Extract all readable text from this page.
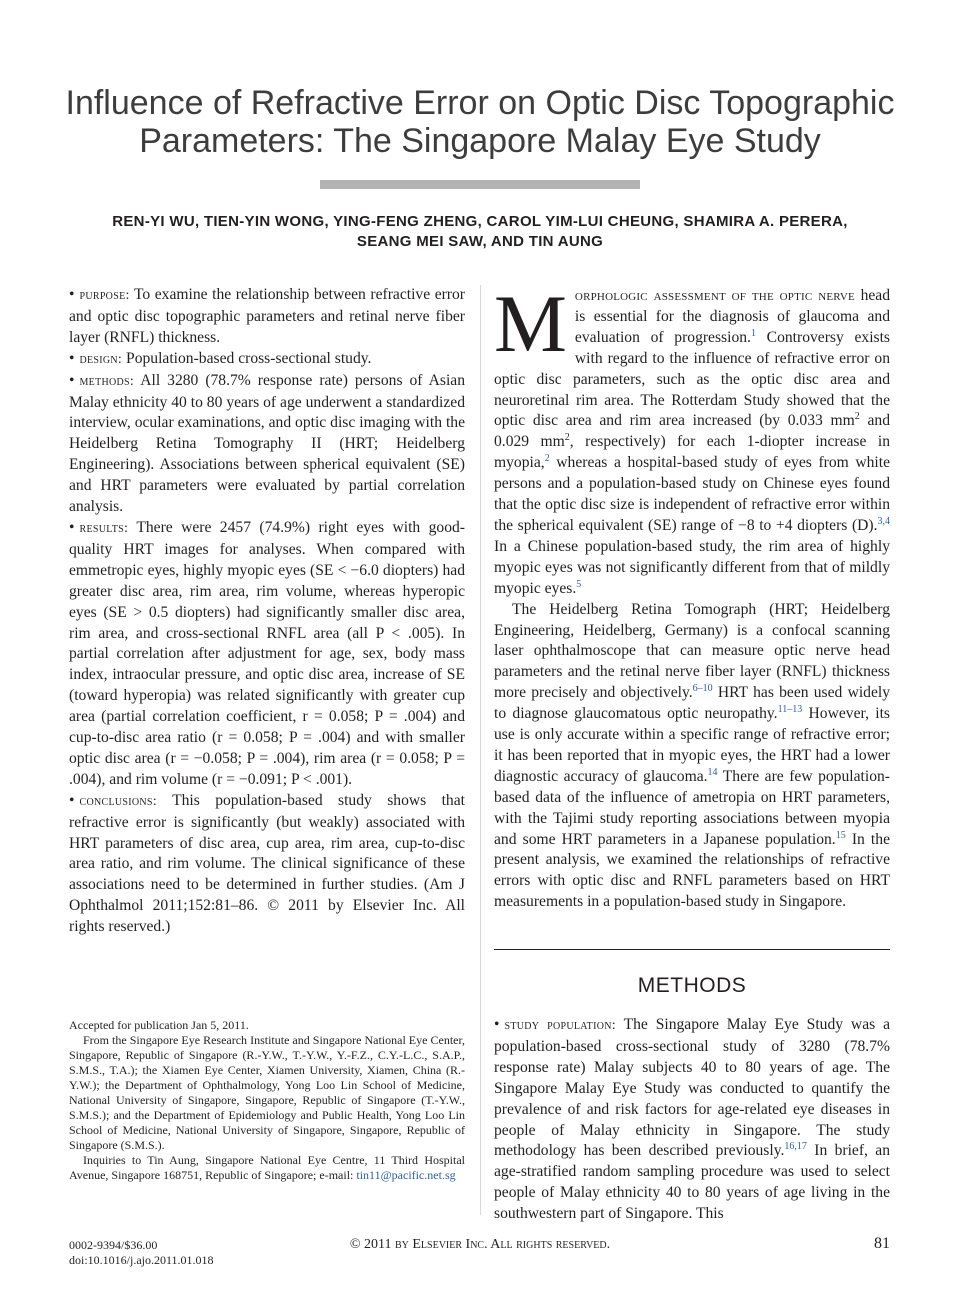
Influence of Refractive Error on Optic Disc Topographic Parameters: The Singapore Malay Eye Study
REN-YI WU, TIEN-YIN WONG, YING-FENG ZHENG, CAROL YIM-LUI CHEUNG, SHAMIRA A. PERERA,
SEANG MEI SAW, AND TIN AUNG

• purpose: To examine the relationship between refractive error and optic disc topographic parameters and retinal nerve fiber layer (RNFL) thickness.

• design: Population-based cross-sectional study.

• methods: All 3280 (78.7% response rate) persons of Asian Malay ethnicity 40 to 80 years of age underwent a standardized interview, ocular examinations, and optic disc imaging with the Heidelberg Retina Tomography II (HRT; Heidelberg Engineering). Associations between spherical equivalent (SE) and HRT parameters were evaluated by partial correlation analysis.

• results: There were 2457 (74.9%) right eyes with good-quality HRT images for analyses. When compared with emmetropic eyes, highly myopic eyes (SE < −6.0 diopters) had greater disc area, rim area, rim volume, whereas hyperopic eyes (SE > 0.5 diopters) had significantly smaller disc area, rim area, and cross-sectional RNFL area (all P < .005). In partial correlation after adjustment for age, sex, body mass index, intraocular pressure, and optic disc area, increase of SE (toward hyperopia) was related significantly with greater cup area (partial correlation coefficient, r = 0.058; P = .004) and cup-to-disc area ratio (r = 0.058; P = .004) and with smaller optic disc area (r = −0.058; P = .004), rim area (r = 0.058; P = .004), and rim volume (r = −0.091; P < .001).

• conclusions: This population-based study shows that refractive error is significantly (but weakly) associated with HRT parameters of disc area, cup area, rim area, cup-to-disc area ratio, and rim volume. The clinical significance of these associations need to be determined in further studies. (Am J Ophthalmol 2011;152:81–86. © 2011 by Elsevier Inc. All rights reserved.)

Accepted for publication Jan 5, 2011.

From the Singapore Eye Research Institute and Singapore National Eye Center, Singapore, Republic of Singapore (R.-Y.W., T.-Y.W., Y.-F.Z., C.Y.-L.C., S.A.P., S.M.S., T.A.); the Xiamen Eye Center, Xiamen University, Xiamen, China (R.-Y.W.); the Department of Ophthalmology, Yong Loo Lin School of Medicine, National University of Singapore, Singapore, Republic of Singapore (T.-Y.W., S.M.S.); and the Department of Epidemiology and Public Health, Yong Loo Lin School of Medicine, National University of Singapore, Singapore, Republic of Singapore (S.M.S.).

Inquiries to Tin Aung, Singapore National Eye Centre, 11 Third Hospital Avenue, Singapore 168751, Republic of Singapore; e-mail: tin11@pacific.net.sg

Morphologic assessment of the optic nerve head is essential for the diagnosis of glaucoma and evaluation of progression.$^1$ Controversy exists with regard to the influence of refractive error on optic disc parameters, such as the optic disc area and neuroretinal rim area. The Rotterdam Study showed that the optic disc area and rim area increased (by 0.033 $mm^2$ and 0.029 $mm^2$, respectively) for each 1-diopter increase in myopia,$^2$ whereas a hospital-based study of eyes from white persons and a population-based study on Chinese eyes found that the optic disc size is independent of refractive error within the spherical equivalent (SE) range of −8 to +4 diopters (D).$^{3,4}$ In a Chinese population-based study, the rim area of highly myopic eyes was not significantly different from that of mildly myopic eyes.$^5$

The Heidelberg Retina Tomograph (HRT; Heidelberg Engineering, Heidelberg, Germany) is a confocal scanning laser ophthalmoscope that can measure optic nerve head parameters and the retinal nerve fiber layer (RNFL) thickness more precisely and objectively.$^{6-10}$ HRT has been used widely to diagnose glaucomatous optic neuropathy.$^{11-13}$ However, its use is only accurate within a specific range of refractive error; it has been reported that in myopic eyes, the HRT had a lower diagnostic accuracy of glaucoma.$^{14}$ There are few population-based data of the influence of ametropia on HRT parameters, with the Tajimi study reporting associations between myopia and some HRT parameters in a Japanese population.$^{15}$ In the present analysis, we examined the relationships of refractive errors with optic disc and RNFL parameters based on HRT measurements in a population-based study in Singapore.

METHODS

• study population: The Singapore Malay Eye Study was a population-based cross-sectional study of 3280 (78.7% response rate) Malay subjects 40 to 80 years of age. The Singapore Malay Eye Study was conducted to quantify the prevalence of and risk factors for age-related eye diseases in people of Malay ethnicity in Singapore. The study methodology has been described previously.$^{16,17}$ In brief, an age-stratified random sampling procedure was used to select people of Malay ethnicity 40 to 80 years of age living in the southwestern part of Singapore. This

0002-9394/$36.00
doi:10.1016/j.ajo.2011.01.018
© 2011 by Elsevier Inc. All rights reserved.	81
